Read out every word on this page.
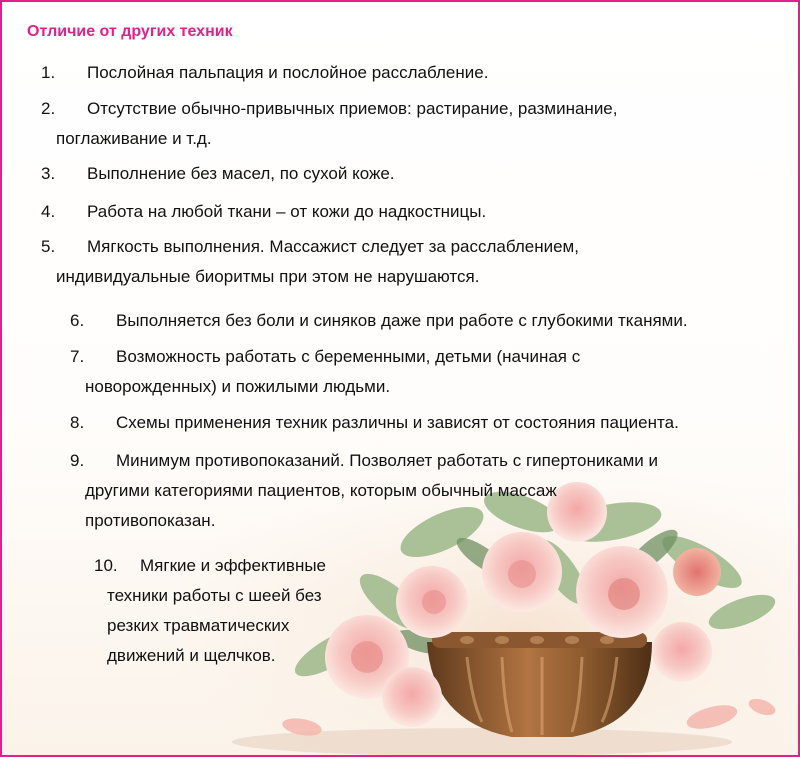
Отличие от других техник
1. Послойная пальпация и послойное расслабление.
2. Отсутствие обычно-привычных приемов: растирание, разминание,
поглаживание и т.д.
3. Выполнение без масел, по сухой коже.
4. Работа на любой ткани – от кожи до надкостницы.
5. Мягкость выполнения. Массажист следует за расслаблением,
индивидуальные биоритмы при этом не нарушаются.
6. Выполняется без боли и синяков даже при работе с глубокими тканями.
7. Возможность работать с беременными, детьми (начиная с
новорожденных) и пожилыми людьми.
8. Схемы применения техник различны и зависят от состояния пациента.
9. Минимум противопоказаний. Позволяет работать с гипертониками и
другими категориями пациентов, которым обычный массаж
противопоказан.
10. Мягкие и эффективные
техники работы с шеей без
резких травматических
движений и щелчков.
